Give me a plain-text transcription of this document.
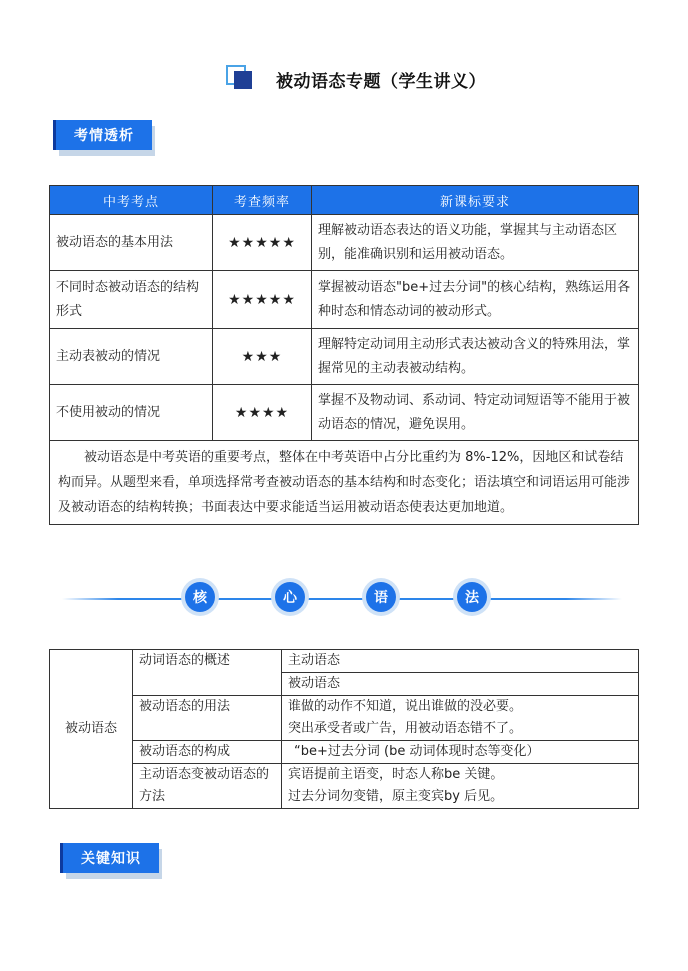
被动语态专题（学生讲义）
考情透析
中考考点	考查频率	新课标要求
被动语态的基本用法	★★★★★	理解被动语态表达的语义功能，掌握其与主动语态区别，能准确识别和运用被动语态。
不同时态被动语态的结构形式	★★★★★	掌握被动语态"be+过去分词"的核心结构，熟练运用各种时态和情态动词的被动形式。
主动表被动的情况	★★★	理解特定动词用主动形式表达被动含义的特殊用法，掌握常见的主动表被动结构。
不使用被动的情况	★★★★	掌握不及物动词、系动词、特定动词短语等不能用于被动语态的情况，避免误用。
被动语态是中考英语的重要考点，整体在中考英语中占分比重约为 8%-12%，因地区和试卷结构而异。从题型来看，单项选择常考查被动语态的基本结构和时态变化；语法填空和词语运用可能涉及被动语态的结构转换；书面表达中要求能适当运用被动语态使表达更加地道。		
核	心	语	法
被动语态	动词语态的概述	主动语态
		被动语态
	被动语态的用法	谁做的动作不知道，说出谁做的没必要。
突出承受者或广告，用被动语态错不了。

	被动语态的构成	“be+过去分词 (be 动词体现时态等变化）
	主动语态变被动语态的方法	宾语提前主语变，时态人称be 关键。
过去分词勿变错，原主变宾by 后见。
关键知识
